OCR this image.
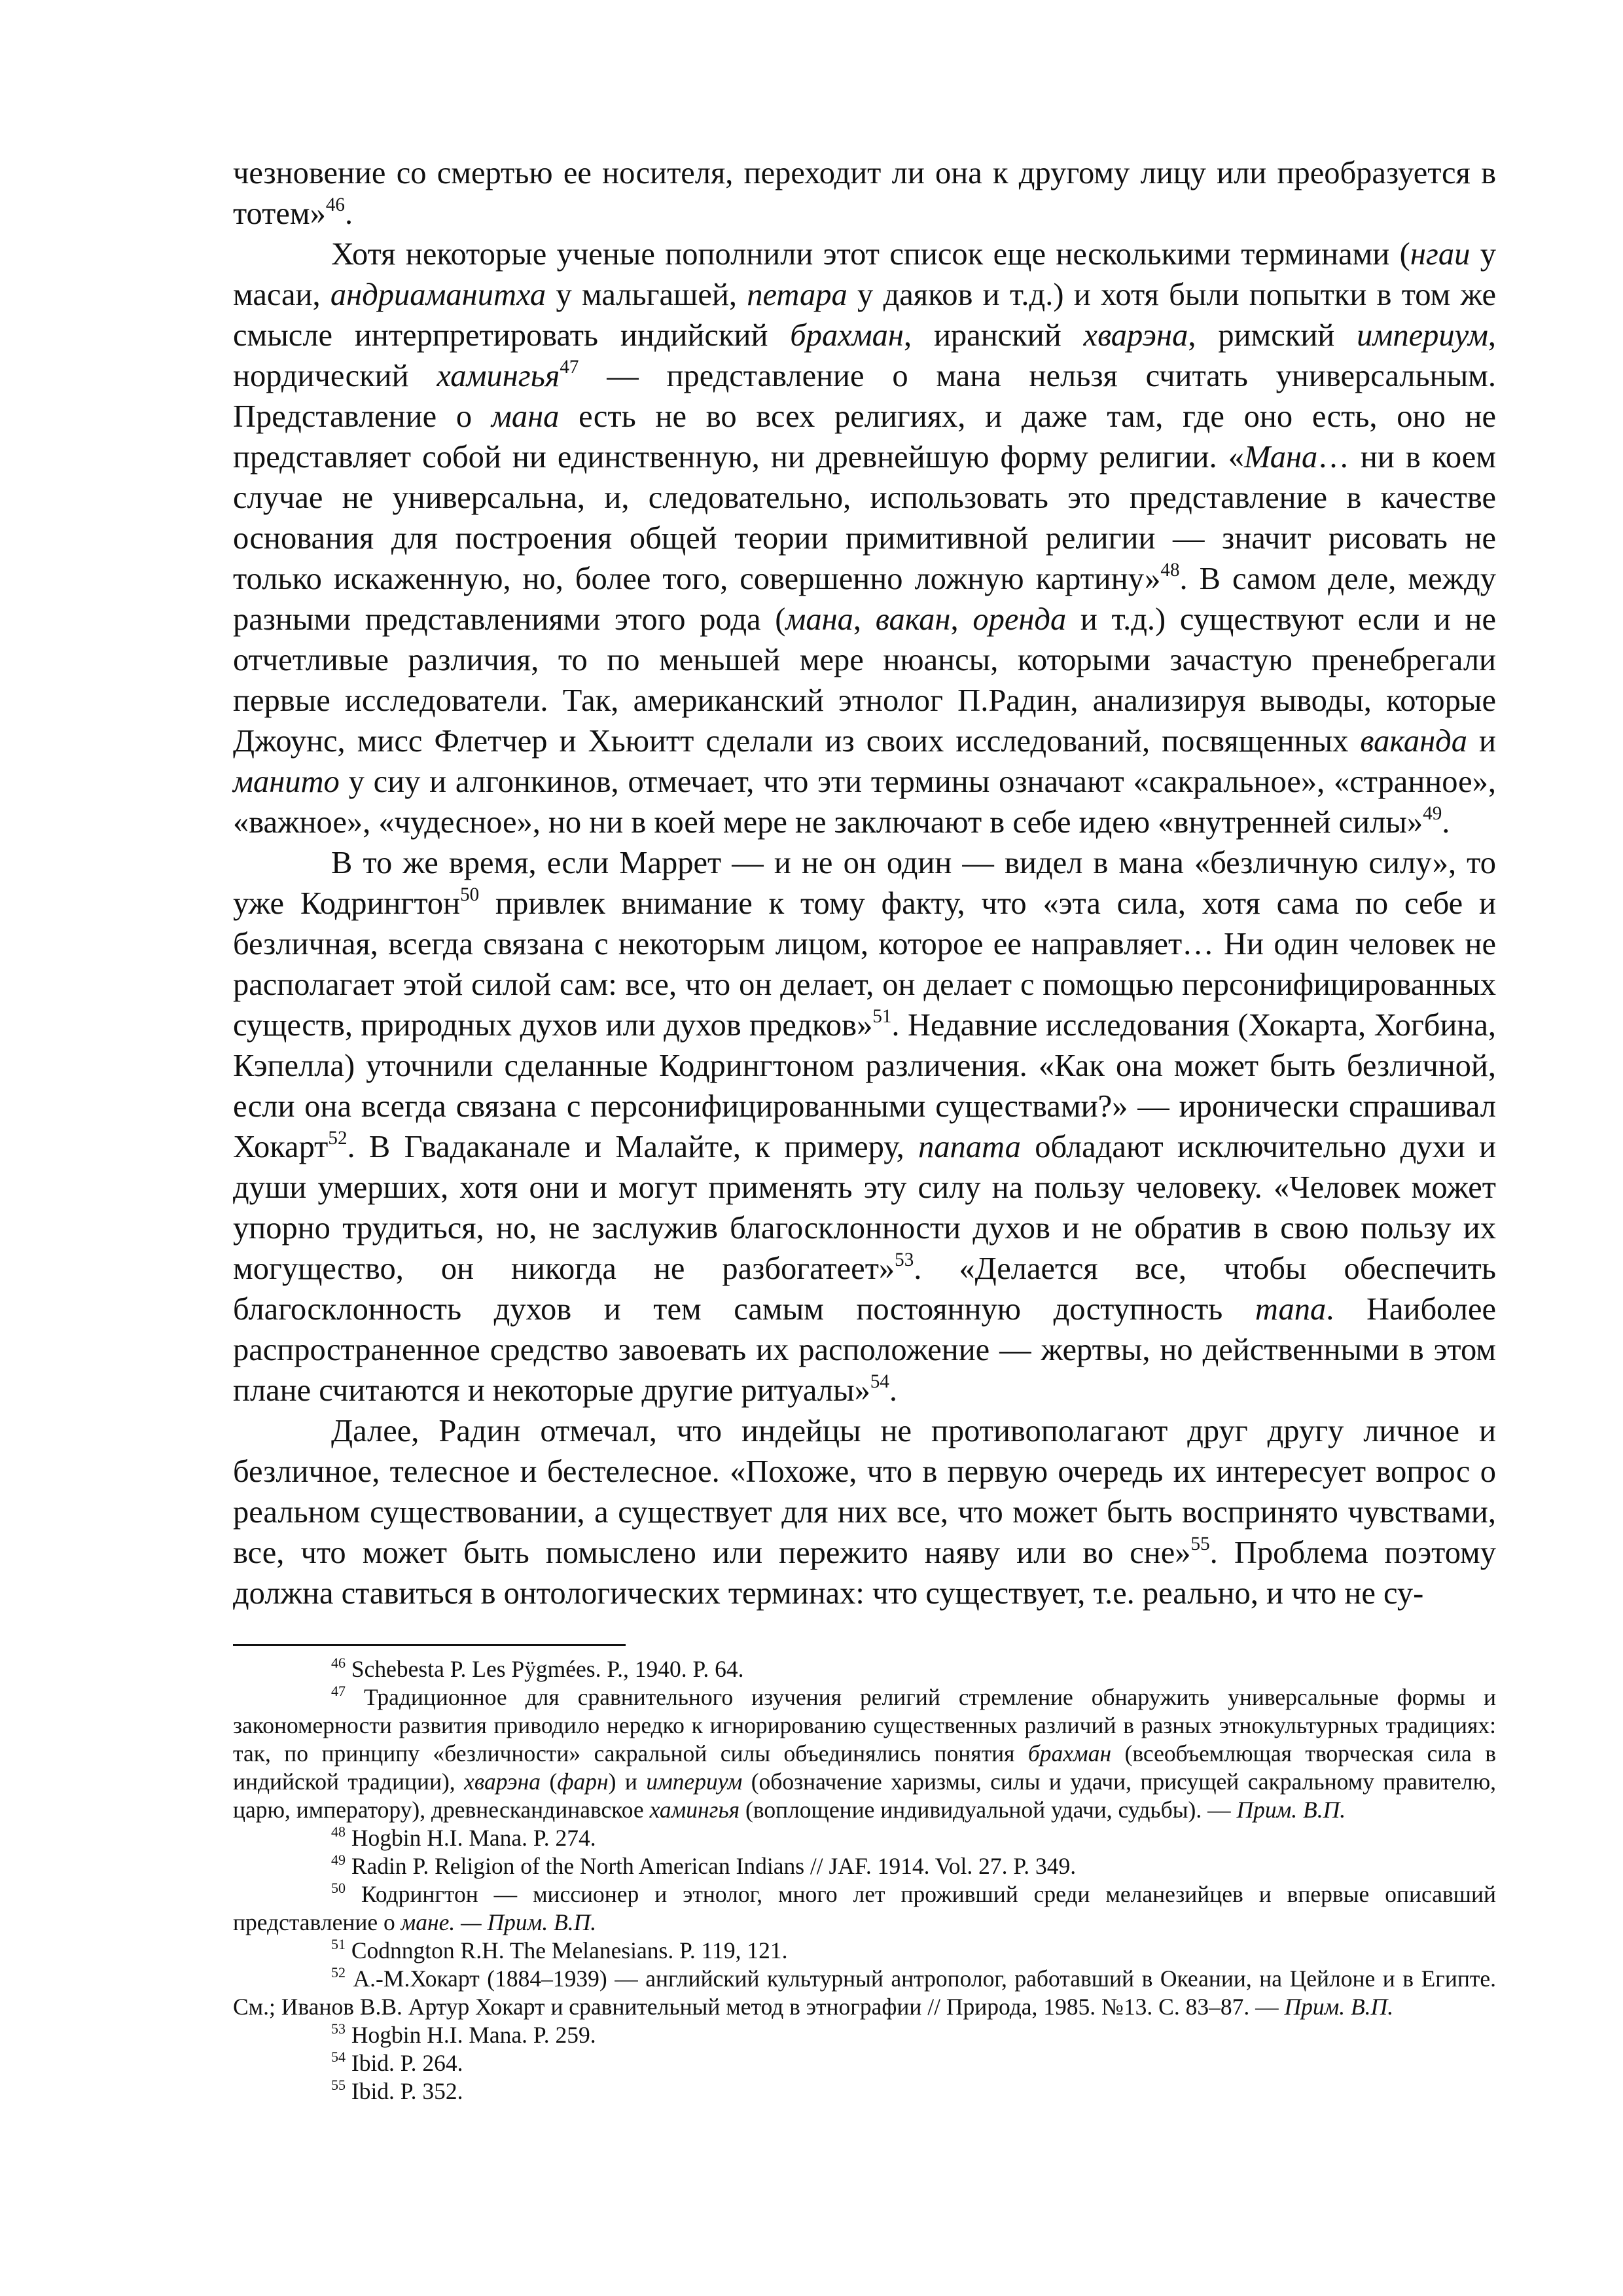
чезновение со смертью ее носителя, переходит ли она к другому лицу или преобразуется в тотем»$^{46}$.

Хотя некоторые ученые пополнили этот список еще несколькими терминами (нгаи у масаи, андриаманитха у мальгашей, петара у даяков и т.д.) и хотя были попытки в том же смысле интерпретировать индийский брахман, иранский хварэна, римский империум, нордический хамингья$^{47}$ — представление о мана нельзя считать универсальным. Представление о мана есть не во всех религиях, и даже там, где оно есть, оно не представляет собой ни единственную, ни древнейшую форму религии. «Мана… ни в коем случае не универсальна, и, следовательно, использовать это представление в качестве основания для построения общей теории примитивной религии — значит рисовать не только искаженную, но, более того, совершенно ложную картину»$^{48}$. В самом деле, между разными представлениями этого рода (мана, вакан, оренда и т.д.) существуют если и не отчетливые различия, то по меньшей мере нюансы, которыми зачастую пренебрегали первые исследователи. Так, американский этнолог П.Радин, анализируя выводы, которые Джоунс, мисс Флетчер и Хьюитт сделали из своих исследований, посвященных ваканда и манито у сиу и алгонкинов, отмечает, что эти термины означают «сакральное», «странное», «важное», «чудесное», но ни в коей мере не заключают в себе идею «внутренней силы»$^{49}$.

В то же время, если Маррет — и не он один — видел в мана «безличную силу», то уже Кодрингтон$^{50}$ привлек внимание к тому факту, что «эта сила, хотя сама по себе и безличная, всегда связана с некоторым лицом, которое ее направляет… Ни один человек не располагает этой силой сам: все, что он делает, он делает с помощью персонифицированных существ, природных духов или духов предков»$^{51}$. Недавние исследования (Хокарта, Хогбина, Кэпелла) уточнили сделанные Кодрингтоном различения. «Как она может быть безличной, если она всегда связана с персонифицированными существами?» — иронически спрашивал Хокарт$^{52}$. В Гвадаканале и Малайте, к примеру, папата обладают исключительно духи и души умерших, хотя они и могут применять эту силу на пользу человеку. «Человек может упорно трудиться, но, не заслужив благосклонности духов и не обратив в свою пользу их могущество, он никогда не разбогатеет»$^{53}$. «Делается все, чтобы обеспечить благосклонность духов и тем самым постоянную доступность тапа. Наиболее распространенное средство завоевать их расположение — жертвы, но действенными в этом плане считаются и некоторые другие ритуалы»$^{54}$.

Далее, Радин отмечал, что индейцы не противополагают друг другу личное и безличное, телесное и бестелесное. «Похоже, что в первую очередь их интересует вопрос о реальном существовании, а существует для них все, что может быть воспринято чувствами, все, что может быть помыслено или пережито наяву или во сне»$^{55}$. Проблема поэтому должна ставиться в онтологических терминах: что существует, т.е. реально, и что не су-

$^{46}$ Schebesta P. Les Pÿgmées. P., 1940. P. 64.

$^{47}$ Традиционное для сравнительного изучения религий стремление обнаружить универсальные формы и закономерности развития приводило нередко к игнорированию существенных различий в разных этнокультурных традициях: так, по принципу «безличности» сакральной силы объединялись понятия брахман (всеобъемлющая творческая сила в индийской традиции), хварэна (фарн) и империум (обозначение харизмы, силы и удачи, присущей сакральному правителю, царю, императору), древнескандинавское хамингья (воплощение индивидуальной удачи, судьбы). — Прим. В.П.

$^{48}$ Hogbin H.I. Mana. P. 274.

$^{49}$ Radin P. Religion of the North American Indians // JAF. 1914. Vol. 27. P. 349.

$^{50}$ Кодрингтон — миссионер и этнолог, много лет проживший среди меланезийцев и впервые описавший представление о мане. — Прим. В.П.

$^{51}$ Codnngton R.H. The Melanesians. P. 119, 121.

$^{52}$ А.-М.Хокарт (1884–1939) — английский культурный антрополог, работавший в Океании, на Цейлоне и в Египте. См.; Иванов В.В. Артур Хокарт и сравнительный метод в этнографии // Природа, 1985. №13. С. 83–87. — Прим. В.П.

$^{53}$ Hogbin H.I. Mana. P. 259.

$^{54}$ Ibid. P. 264.

$^{55}$ Ibid. P. 352.
